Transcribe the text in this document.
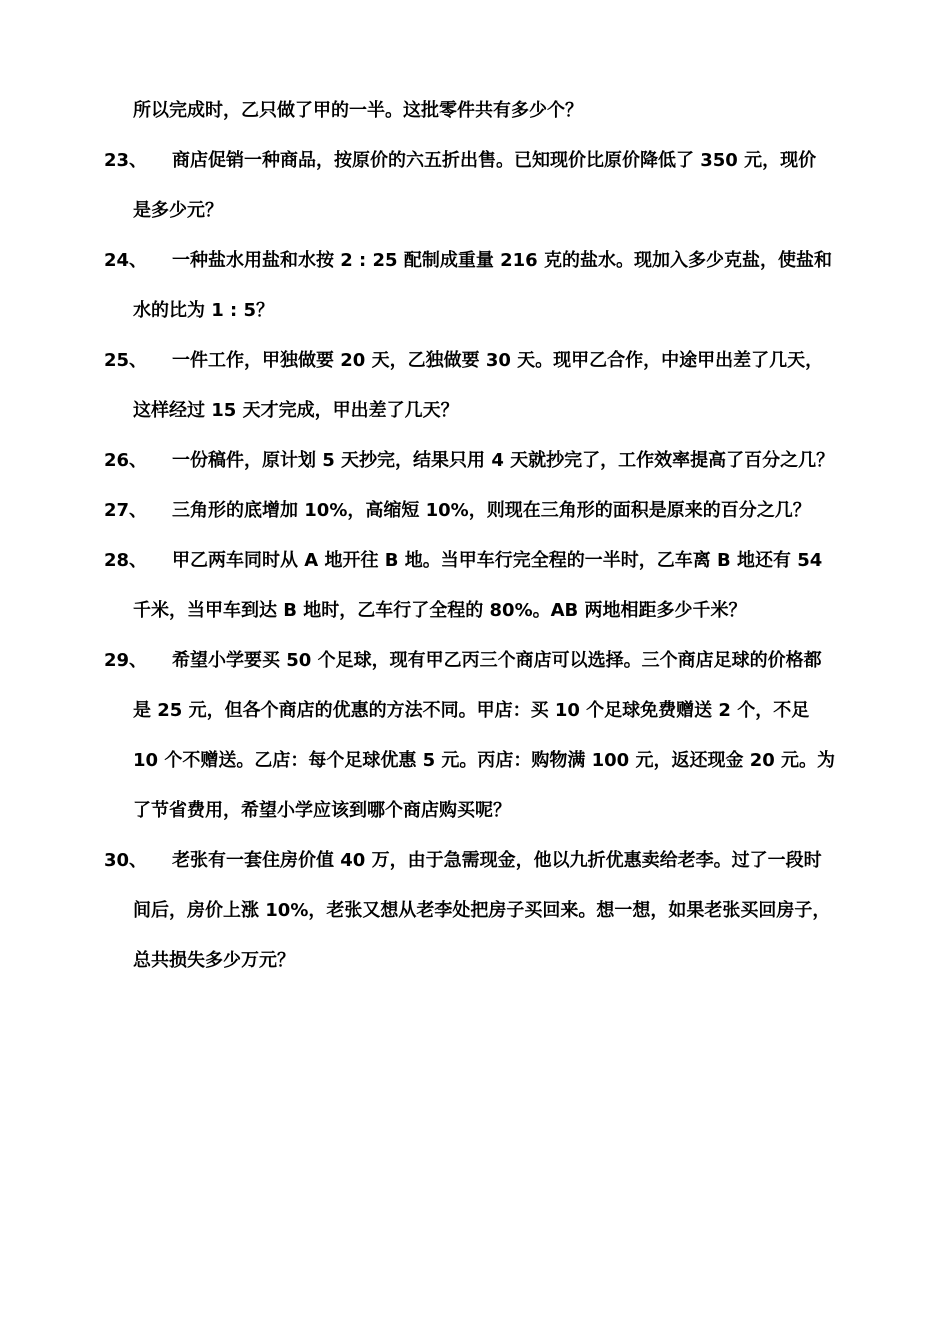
所以完成时，乙只做了甲的一半。这批零件共有多少个？
23、 商店促销一种商品，按原价的六五折出售。已知现价比原价降低了 350 元，现价
是多少元？
24、 一种盐水用盐和水按 2 : 25 配制成重量 216 克的盐水。现加入多少克盐，使盐和
水的比为 1 : 5？
25、 一件工作，甲独做要 20 天，乙独做要 30 天。现甲乙合作，中途甲出差了几天，
这样经过 15 天才完成，甲出差了几天？
26、 一份稿件，原计划 5 天抄完，结果只用 4 天就抄完了，工作效率提高了百分之几？
27、 三角形的底增加 10%，高缩短 10%，则现在三角形的面积是原来的百分之几？
28、 甲乙两车同时从 A 地开往 B 地。当甲车行完全程的一半时，乙车离 B 地还有 54
千米，当甲车到达 B 地时，乙车行了全程的 80%。AB 两地相距多少千米？
29、 希望小学要买 50 个足球，现有甲乙丙三个商店可以选择。三个商店足球的价格都
是 25 元，但各个商店的优惠的方法不同。甲店：买 10 个足球免费赠送 2 个，不足
10 个不赠送。乙店：每个足球优惠 5 元。丙店：购物满 100 元，返还现金 20 元。为
了节省费用，希望小学应该到哪个商店购买呢？
30、 老张有一套住房价值 40 万，由于急需现金，他以九折优惠卖给老李。过了一段时
间后，房价上涨 10%，老张又想从老李处把房子买回来。想一想，如果老张买回房子，
总共损失多少万元？
